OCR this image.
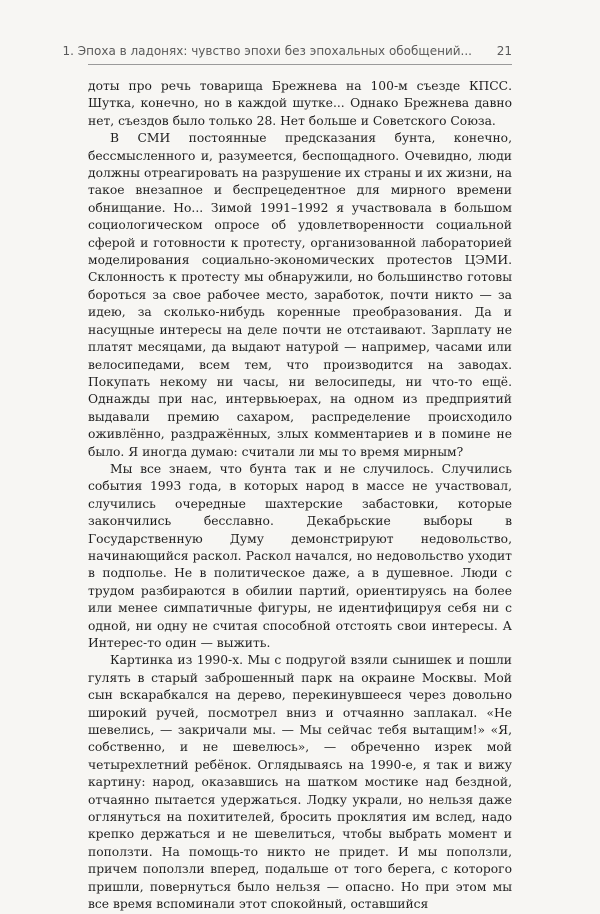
1. Эпоха в ладонях: чувство эпохи без эпохальных обобщений... 21

доты про речь товарища Брежнева на 100-м съезде КПСС. Шутка, конечно, но в каждой шутке... Однако Брежнева давно нет, съездов было только 28. Нет больше и Советского Союза.

В СМИ постоянные предсказания бунта, конечно, бессмысленного и, разумеется, беспощадного. Очевидно, люди должны отреагировать на разрушение их страны и их жизни, на такое внезапное и беспрецедентное для мирного времени обнищание. Но... Зимой 1991–1992 я участвовала в большом социологическом опросе об удовлетворенности социальной сферой и готовности к протесту, организованной лабораторией моделирования социально-экономических протестов ЦЭМИ. Склонность к протесту мы обнаружили, но большинство готовы бороться за свое рабочее место, заработок, почти никто — за идею, за сколько-нибудь коренные преобразования. Да и насущные интересы на деле почти не отстаивают. Зарплату не платят месяцами, да выдают натурой — например, часами или велосипедами, всем тем, что производится на заводах. Покупать некому ни часы, ни велосипеды, ни что-то ещё. Однажды при нас, интервьюерах, на одном из предприятий выдавали премию сахаром, распределение происходило оживлённо, раздражённых, злых комментариев и в помине не было. Я иногда думаю: считали ли мы то время мирным?

Мы все знаем, что бунта так и не случилось. Случились события 1993 года, в которых народ в массе не участвовал, случились очередные шахтерские забастовки, которые закончились бесславно. Декабрьские выборы в Государственную Думу демонстрируют недовольство, начинающийся раскол. Раскол начался, но недовольство уходит в подполье. Не в политическое даже, а в душевное. Люди с трудом разбираются в обилии партий, ориентируясь на более или менее симпатичные фигуры, не идентифицируя себя ни с одной, ни одну не считая способной отстоять свои интересы. А Интерес-то один — выжить.

Картинка из 1990-х. Мы с подругой взяли сынишек и пошли гулять в старый заброшенный парк на окраине Москвы. Мой сын вскарабкался на дерево, перекинувшееся через довольно широкий ручей, посмотрел вниз и отчаянно заплакал. «Не шевелись, — закричали мы. — Мы сейчас тебя вытащим!» «Я, собственно, и не шевелюсь», — обреченно изрек мой четырехлетний ребёнок. Оглядываясь на 1990-е, я так и вижу картину: народ, оказавшись на шатком мостике над бездной, отчаянно пытается удержаться. Лодку украли, но нельзя даже оглянуться на похитителей, бросить проклятия им вслед, надо крепко держаться и не шевелиться, чтобы выбрать момент и поползти. На помощь-то никто не придет. И мы поползли, причем поползли вперед, подальше от того берега, с которого пришли, повернуться было нельзя — опасно. Но при этом мы все время вспоминали этот спокойный, оставшийся
